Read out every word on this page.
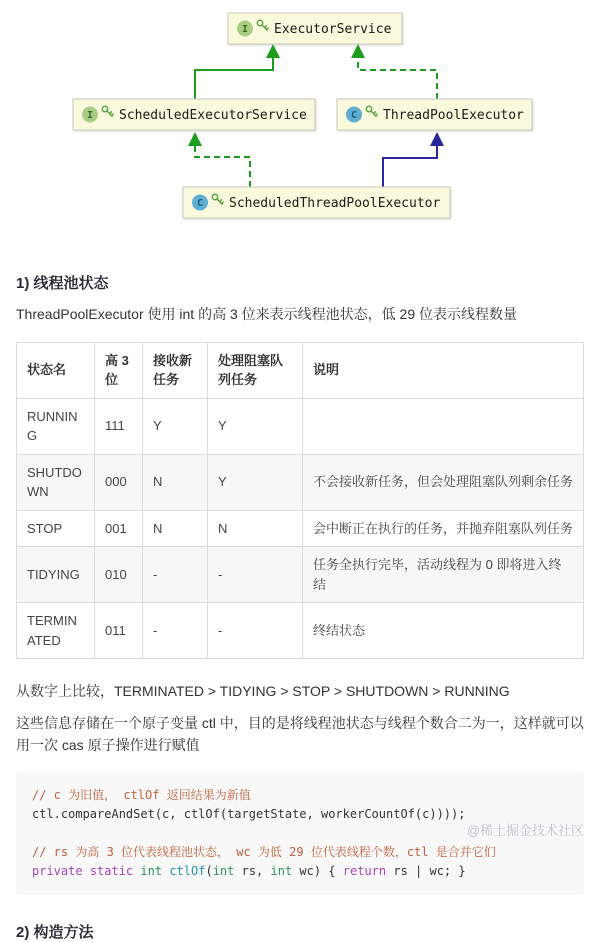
I ExecutorService
I ScheduledExecutorService	C ThreadPoolExecutor
C ScheduledThreadPoolExecutor
1) 线程池状态

ThreadPoolExecutor 使用 int 的高 3 位来表示线程池状态，低 29 位表示线程数量

状态名	高 3 位	接收新任务	处理阻塞队列任务	说明
RUNNING	111	Y	Y	
SHUTDOWN	000	N	Y	不会接收新任务，但会处理阻塞队列剩余任务
STOP	001	N	N	会中断正在执行的任务，并抛弃阻塞队列任务
TIDYING	010	-	-	任务全执行完毕，活动线程为 0 即将进入终结
TERMINATED	011	-	-	终结状态

从数字上比较，TERMINATED > TIDYING > STOP > SHUTDOWN > RUNNING

这些信息存储在一个原子变量 ctl 中，目的是将线程池状态与线程个数合二为一，这样就可以用一次 cas 原子操作进行赋值

// c 为旧值， ctlOf 返回结果为新值
ctl.compareAndSet(c, ctlOf(targetState, workerCountOf(c))));

// rs 为高 3 位代表线程池状态， wc 为低 29 位代表线程个数，ctl 是合并它们
private static int ctlOf(int rs, int wc) { return rs | wc; }
2) 构造方法
@稀土掘金技术社区
